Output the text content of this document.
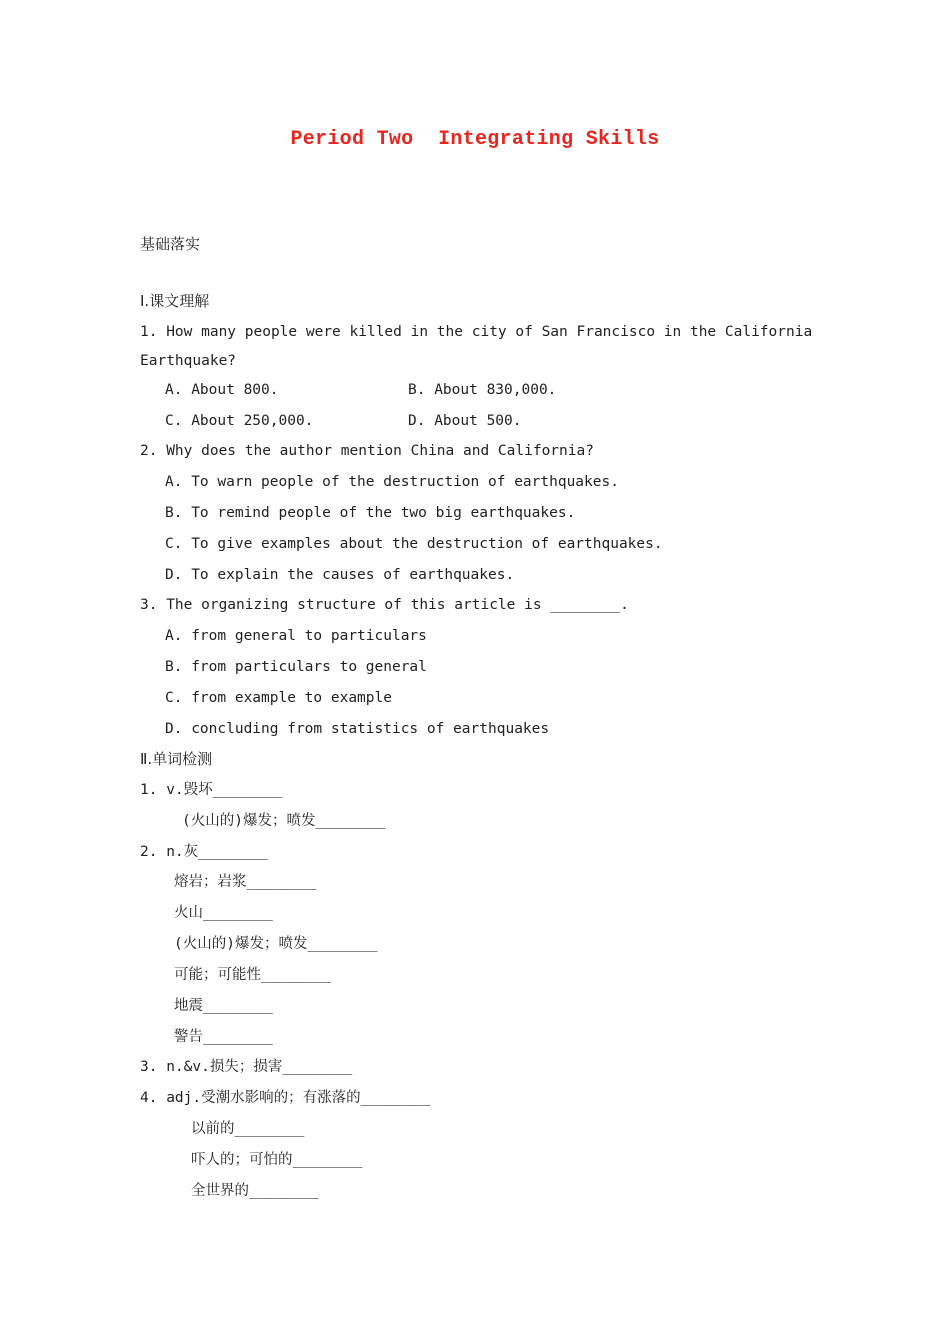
Period Two  Integrating Skills
基础落实
Ⅰ.课文理解
1. How many people were killed in the city of San Francisco in the California
Earthquake?
A. About 800.	B. About 830,000.
C. About 250,000.	D. About 500.
2. Why does the author mention China and California?
A. To warn people of the destruction of earthquakes.
B. To remind people of the two big earthquakes.
C. To give examples about the destruction of earthquakes.
D. To explain the causes of earthquakes.
3. The organizing structure of this article is ________.
A. from general to particulars
B. from particulars to general
C. from example to example
D. concluding from statistics of earthquakes
Ⅱ.单词检测
1. v.毁坏________
(火山的)爆发；喷发________
2. n.灰________
熔岩；岩浆________
火山________
(火山的)爆发；喷发________
可能；可能性________
地震________
警告________
3. n.&v.损失；损害________
4. adj.受潮水影响的；有涨落的________
以前的________
吓人的；可怕的________
全世界的________
